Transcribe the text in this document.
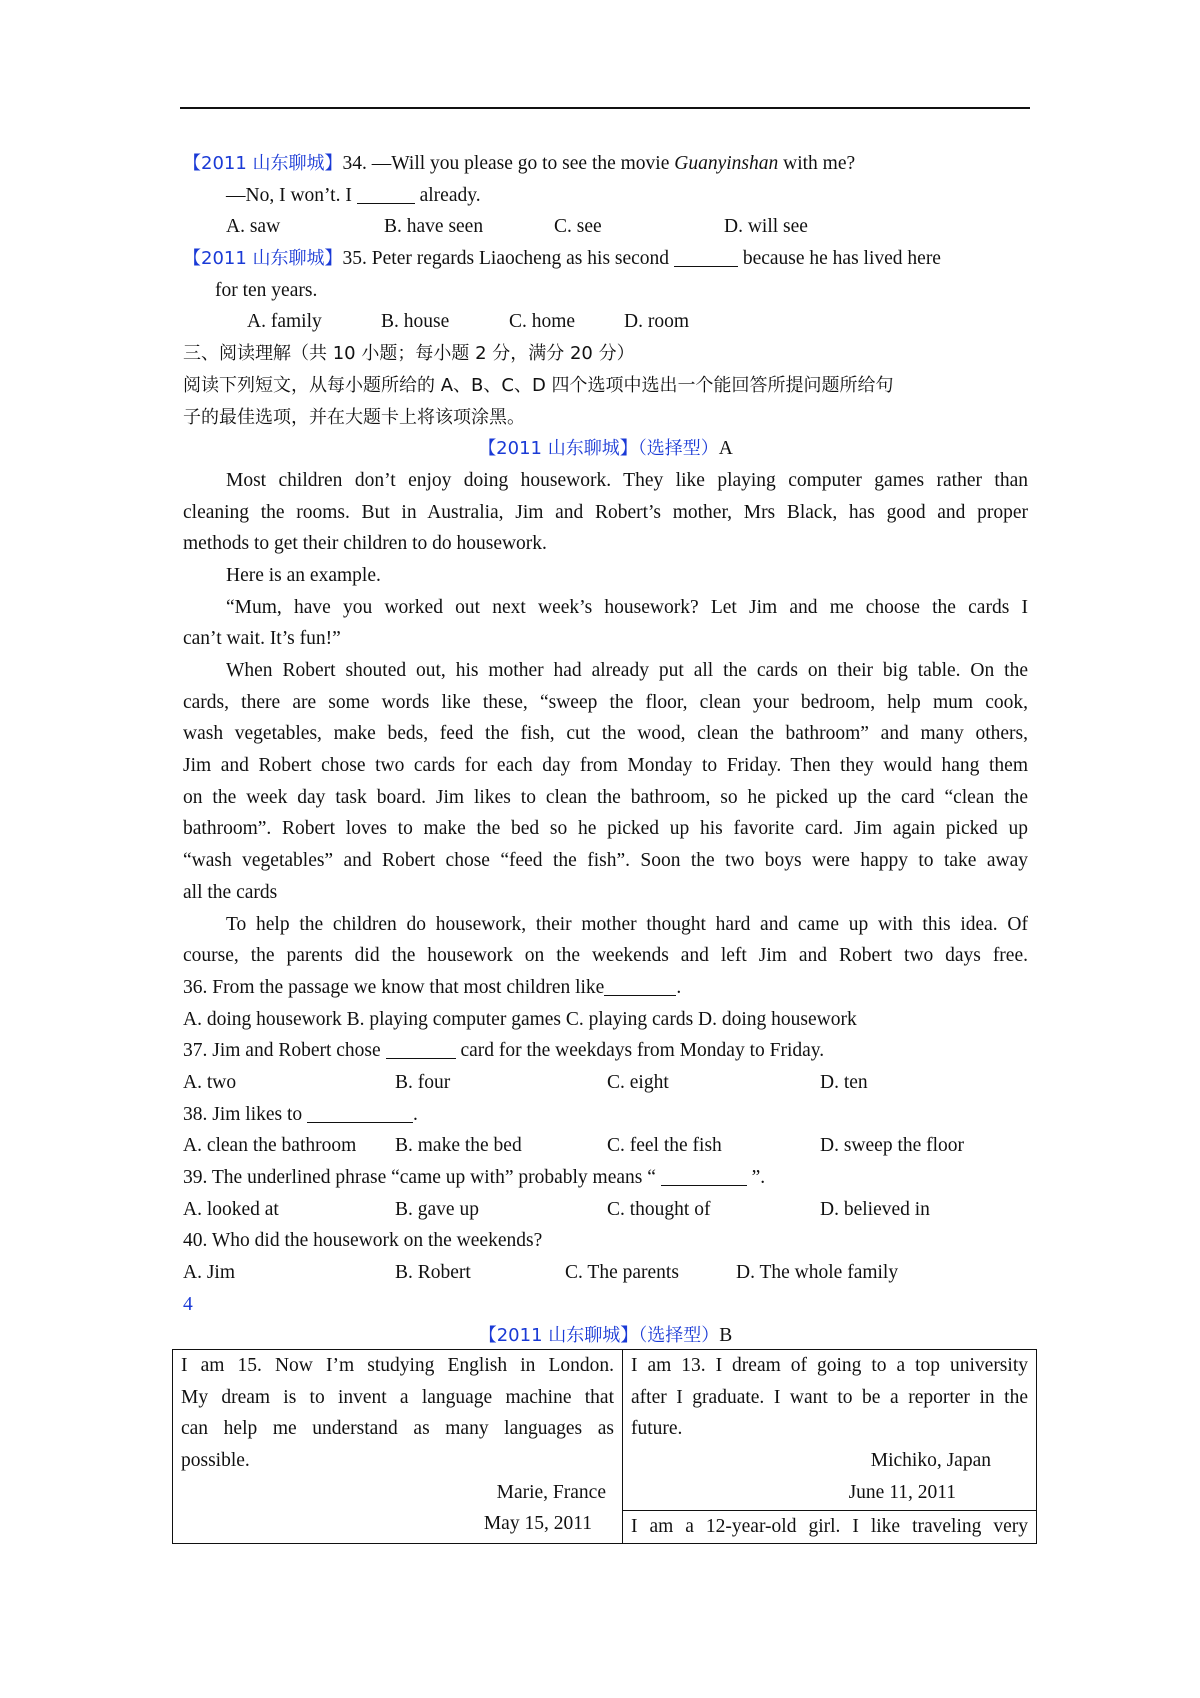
【2011 山东聊城】34. —Will you please go to see the movie Guanyinshan with me?
—No, I won’t. I	already.
A. saw	B. have seen	C. see	D. will see
【2011 山东聊城】35. Peter regards Liaocheng as his second	because he has lived here
for ten years.
A. family	B. house	C. home	D. room
三、阅读理解（共 10 小题；每小题 2 分，满分 20 分）
阅读下列短文，从每小题所给的 A、B、C、D 四个选项中选出一个能回答所提问题所给句
子的最佳选项，并在大题卡上将该项涂黑。
【2011 山东聊城】（选择型）A
Most children don’t enjoy doing housework. They like playing computer games rather than
cleaning the rooms. But in Australia, Jim and Robert’s mother, Mrs Black, has good and proper
methods to get their children to do housework.
Here is an example.
“Mum, have you worked out next week’s housework? Let Jim and me choose the cards I
can’t wait. It’s fun!”
When Robert shouted out, his mother had already put all the cards on their big table. On the
cards, there are some words like these, “sweep the floor, clean your bedroom, help mum cook,
wash vegetables, make beds, feed the fish, cut the wood, clean the bathroom” and many others,
Jim and Robert chose two cards for each day from Monday to Friday. Then they would hang them
on the week day task board. Jim likes to clean the bathroom, so he picked up the card “clean the
bathroom”. Robert loves to make the bed so he picked up his favorite card. Jim again picked up
“wash vegetables” and Robert chose “feed the fish”. Soon the two boys were happy to take away
all the cards
To help the children do housework, their mother thought hard and came up with this idea. Of
course, the parents did the housework on the weekends and left Jim and Robert two days free.
36. From the passage we know that most children like	.
A. doing housework B. playing computer games C. playing cards D. doing housework
37. Jim and Robert chose	card for the weekdays from Monday to Friday.
A. two	B. four	C. eight	D. ten
38. Jim likes to	.
A. clean the bathroom	B. make the bed	C. feel the fish	D. sweep the floor
39. The underlined phrase “came up with” probably means “	”.
A. looked at	B. gave up	C. thought of	D. believed in
40. Who did the housework on the weekends?
A. Jim	B. Robert	C. The parents	D. The whole family
4
【2011 山东聊城】（选择型）B
I am 15. Now I’m studying English in London.
My dream is to invent a language machine that
can help me understand as many languages as
possible.
Marie, France
May 15, 2011

I am 13. I dream of going to a top university
after I graduate. I want to be a reporter in the
future.
Michiko, Japan
June 11, 2011

I am a 12-year-old girl. I like traveling very
